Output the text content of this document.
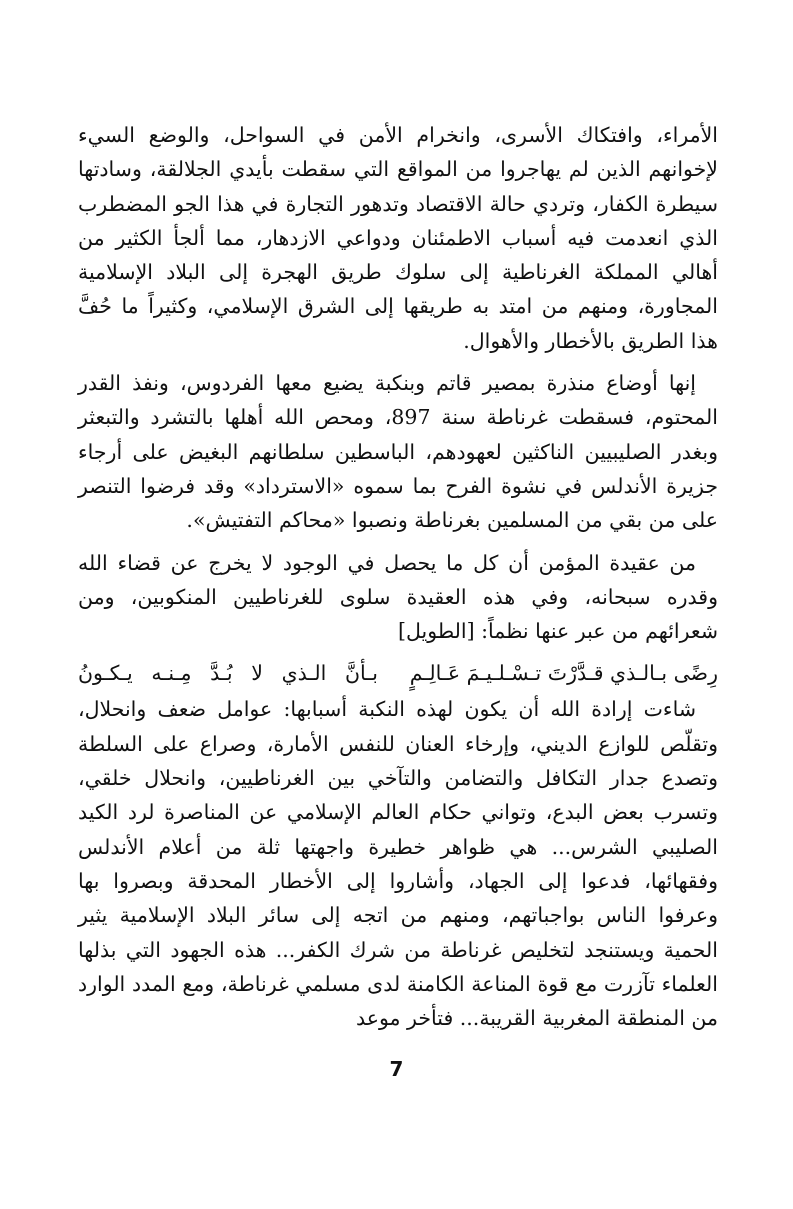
الأمراء، وافتكاك الأسرى، وانخرام الأمن في السواحل، والوضع السيء لإخوانهم الذين لم يهاجروا من المواقع التي سقطت بأيدي الجلالقة، وسادتها سيطرة الكفار، وتردي حالة الاقتصاد وتدهور التجارة في هذا الجو المضطرب الذي انعدمت فيه أسباب الاطمئنان ودواعي الازدهار، مما ألجأ الكثير من أهالي المملكة الغرناطية إلى سلوك طريق الهجرة إلى البلاد الإسلامية المجاورة، ومنهم من امتد به طريقها إلى الشرق الإسلامي، وكثيراً ما حُفَّ هذا الطريق بالأخطار والأهوال.

إنها أوضاع منذرة بمصير قاتم وبنكبة يضيع معها الفردوس، ونفذ القدر المحتوم، فسقطت غرناطة سنة 897، ومحص الله أهلها بالتشرد والتبعثر وبغدر الصليبيين الناكثين لعهودهم، الباسطين سلطانهم البغيض على أرجاء جزيرة الأندلس في نشوة الفرح بما سموه «الاسترداد» وقد فرضوا التنصر على من بقي من المسلمين بغرناطة ونصبوا «محاكم التفتيش».

من عقيدة المؤمن أن كل ما يحصل في الوجود لا يخرج عن قضاء الله وقدره سبحانه، وفي هذه العقيدة سلوى للغرناطيين المنكوبين، ومن شعرائهم من عبر عنها نظماً: [الطويل]

رِضًى بـالـذي قـدَّرْتَ تـسْـلـيـمَ عَـالِـمٍ
بـأنَّ الـذي لا بُـدَّ مِـنـه يـكـونُ

شاءت إرادة الله أن يكون لهذه النكبة أسبابها: عوامل ضعف وانحلال، وتقلّص للوازع الديني، وإرخاء العنان للنفس الأمارة، وصراع على السلطة وتصدع جدار التكافل والتضامن والتآخي بين الغرناطيين، وانحلال خلقي، وتسرب بعض البدع، وتواني حكام العالم الإسلامي عن المناصرة لرد الكيد الصليبي الشرس... هي ظواهر خطيرة واجهتها ثلة من أعلام الأندلس وفقهائها، فدعوا إلى الجهاد، وأشاروا إلى الأخطار المحدقة وبصروا بها وعرفوا الناس بواجباتهم، ومنهم من اتجه إلى سائر البلاد الإسلامية يثير الحمية ويستنجد لتخليص غرناطة من شرك الكفر... هذه الجهود التي بذلها العلماء تآزرت مع قوة المناعة الكامنة لدى مسلمي غرناطة، ومع المدد الوارد من المنطقة المغربية القريبة... فتأخر موعد

7
